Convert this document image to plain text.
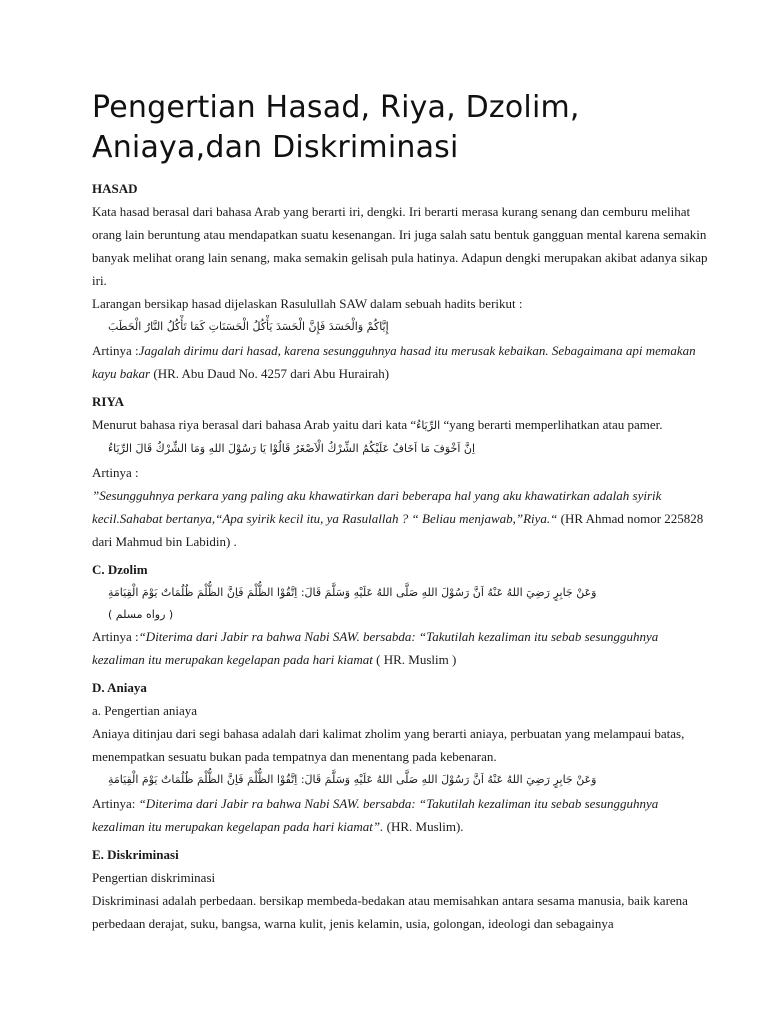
Pengertian Hasad, Riya, Dzolim, Aniaya,dan Diskriminasi
HASAD

Kata hasad berasal dari bahasa Arab yang berarti iri, dengki. Iri berarti merasa kurang senang dan cemburu melihat orang lain beruntung atau mendapatkan suatu kesenangan. Iri juga salah satu bentuk gangguan mental karena semakin banyak melihat orang lain senang, maka semakin gelisah pula hatinya. Adapun dengki merupakan akibat adanya sikap iri.

Larangan bersikap hasad dijelaskan Rasulullah SAW dalam sebuah hadits berikut :

إِيَّاكُمْ وَالْحَسَدَ فَإِنَّ الْحَسَدَ يَأْكُلُ الْحَسَنَاتِ كَمَا تَأْكُلُ النَّارُ الْحَطَبَ

Artinya :Jagalah dirimu dari hasad, karena sesungguhnya hasad itu merusak kebaikan. Sebagaimana api memakan kayu bakar (HR. Abu Daud No. 4257 dari Abu Hurairah)

RIYA

Menurut bahasa riya berasal dari bahasa Arab yaitu dari kata “الرِّيَاءُ “yang berarti memperlihatkan atau pamer.

اِنَّ اَخْوَفَ مَا اَخَافُ عَلَيْكُمُ الشِّرْكُ الْاَصْغَرُ قَالُوْا يَا رَسُوْلَ اللهِ وَمَا الشِّرْكُ قَالَ الرِّيَاءُ

Artinya :

”Sesungguhnya perkara yang paling aku khawatirkan dari beberapa hal yang aku khawatirkan adalah syirik kecil.Sahabat bertanya,“Apa syirik kecil itu, ya Rasulallah ? “ Beliau menjawab,”Riya.“ (HR Ahmad nomor 225828 dari Mahmud bin Labidin) .

C. Dzolim

وَعَنْ جَابِرٍ رَضِيَ اللهُ عَنْهُ اَنَّ رَسُوْلَ اللهِ صَلَّى اللهُ عَلَيْهِ وَسَلَّمَ قَالَ: اِتَّقُوْا الظُّلْمَ فَاِنَّ الظُّلْمَ ظُلُمَاتٌ يَوْمَ الْقِيَامَةِ

( رواه مسلم )

Artinya :“Diterima dari Jabir ra bahwa Nabi SAW. bersabda: “Takutilah kezaliman itu sebab sesungguhnya kezaliman itu merupakan kegelapan pada hari kiamat ( HR. Muslim )

D. Aniaya

a. Pengertian aniaya

Aniaya ditinjau dari segi bahasa adalah dari kalimat zholim yang berarti aniaya, perbuatan yang melampaui batas, menempatkan sesuatu bukan pada tempatnya dan menentang pada kebenaran.

وَعَنْ جَابِرٍ رَضِيَ اللهُ عَنْهُ اَنَّ رَسُوْلَ اللهِ صَلَّى اللهُ عَلَيْهِ وَسَلَّمَ قَالَ: اِتَّقُوْا الظُّلْمَ فَاِنَّ الظُّلْمَ ظُلُمَاتٌ يَوْمَ الْقِيَامَةِ

Artinya: “Diterima dari Jabir ra bahwa Nabi SAW. bersabda: “Takutilah kezaliman itu sebab sesungguhnya kezaliman itu merupakan kegelapan pada hari kiamat”. (HR. Muslim).

E. Diskriminasi

Pengertian diskriminasi

Diskriminasi adalah perbedaan. bersikap membeda-bedakan atau memisahkan antara sesama manusia, baik karena perbedaan derajat, suku, bangsa, warna kulit, jenis kelamin, usia, golongan, ideologi dan sebagainya
